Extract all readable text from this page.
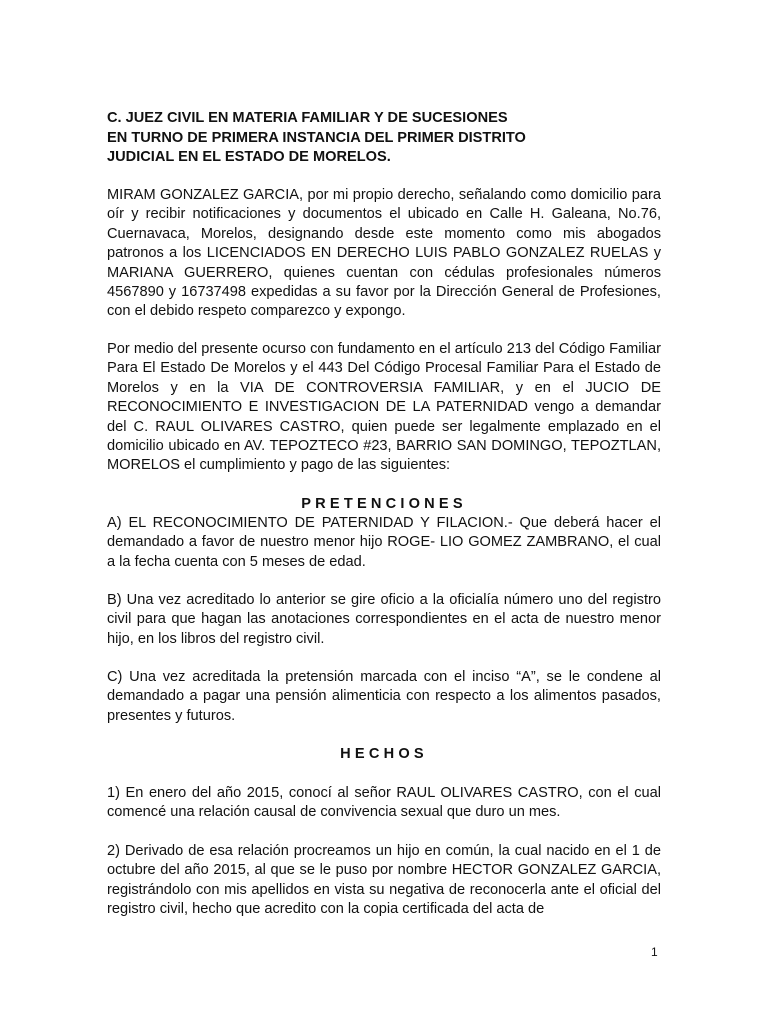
C. JUEZ CIVIL EN MATERIA FAMILIAR Y DE SUCESIONES
EN TURNO DE PRIMERA INSTANCIA DEL PRIMER DISTRITO
JUDICIAL EN EL ESTADO DE MORELOS.

MIRAM GONZALEZ GARCIA, por mi propio derecho, señalando como domicilio para oír y recibir notificaciones y documentos el ubicado en Calle H. Galeana, No.76, Cuernavaca, Morelos, designando desde este momento como mis abogados patronos a los LICENCIADOS EN DERECHO LUIS PABLO GONZALEZ RUELAS y MARIANA GUERRERO, quienes cuentan con cédulas profesionales números 4567890 y 16737498 expedidas a su favor por la Dirección General de Profesiones, con el debido respeto comparezco y expongo.

Por medio del presente ocurso con fundamento en el artículo 213 del Código Familiar Para El Estado De Morelos y el 443 Del Código Procesal Familiar Para el Estado de Morelos y en la VIA DE CONTROVERSIA FAMILIAR, y en el JUCIO DE RECONOCIMIENTO E INVESTIGACION DE LA PATERNIDAD vengo a demandar del C. RAUL OLIVARES CASTRO, quien puede ser legalmente emplazado en el domicilio ubicado en AV. TEPOZTECO #23, BARRIO SAN DOMINGO, TEPOZTLAN, MORELOS el cumplimiento y pago de las siguientes:

PRETENCIONES

A) EL RECONOCIMIENTO DE PATERNIDAD Y FILACION.- Que deberá hacer el demandado a favor de nuestro menor hijo ROGE- LIO GOMEZ ZAMBRANO, el cual a la fecha cuenta con 5 meses de edad.

B) Una vez acreditado lo anterior se gire oficio a la oficialía número uno del registro civil para que hagan las anotaciones correspondientes en el acta de nuestro menor hijo, en los libros del registro civil.

C) Una vez acreditada la pretensión marcada con el inciso “A”, se le condene al demandado a pagar una pensión alimenticia con respecto a los alimentos pasados, presentes y futuros.

HECHOS

1) En enero del año 2015, conocí al señor RAUL OLIVARES CASTRO, con el cual comencé una relación causal de convivencia sexual que duro un mes.

2) Derivado de esa relación procreamos un hijo en común, la cual nacido en el 1 de octubre del año 2015, al que se le puso por nombre HECTOR GONZALEZ GARCIA, registrándolo con mis apellidos en vista su negativa de reconocerla ante el oficial del registro civil, hecho que acredito con la copia certificada del acta de

1
